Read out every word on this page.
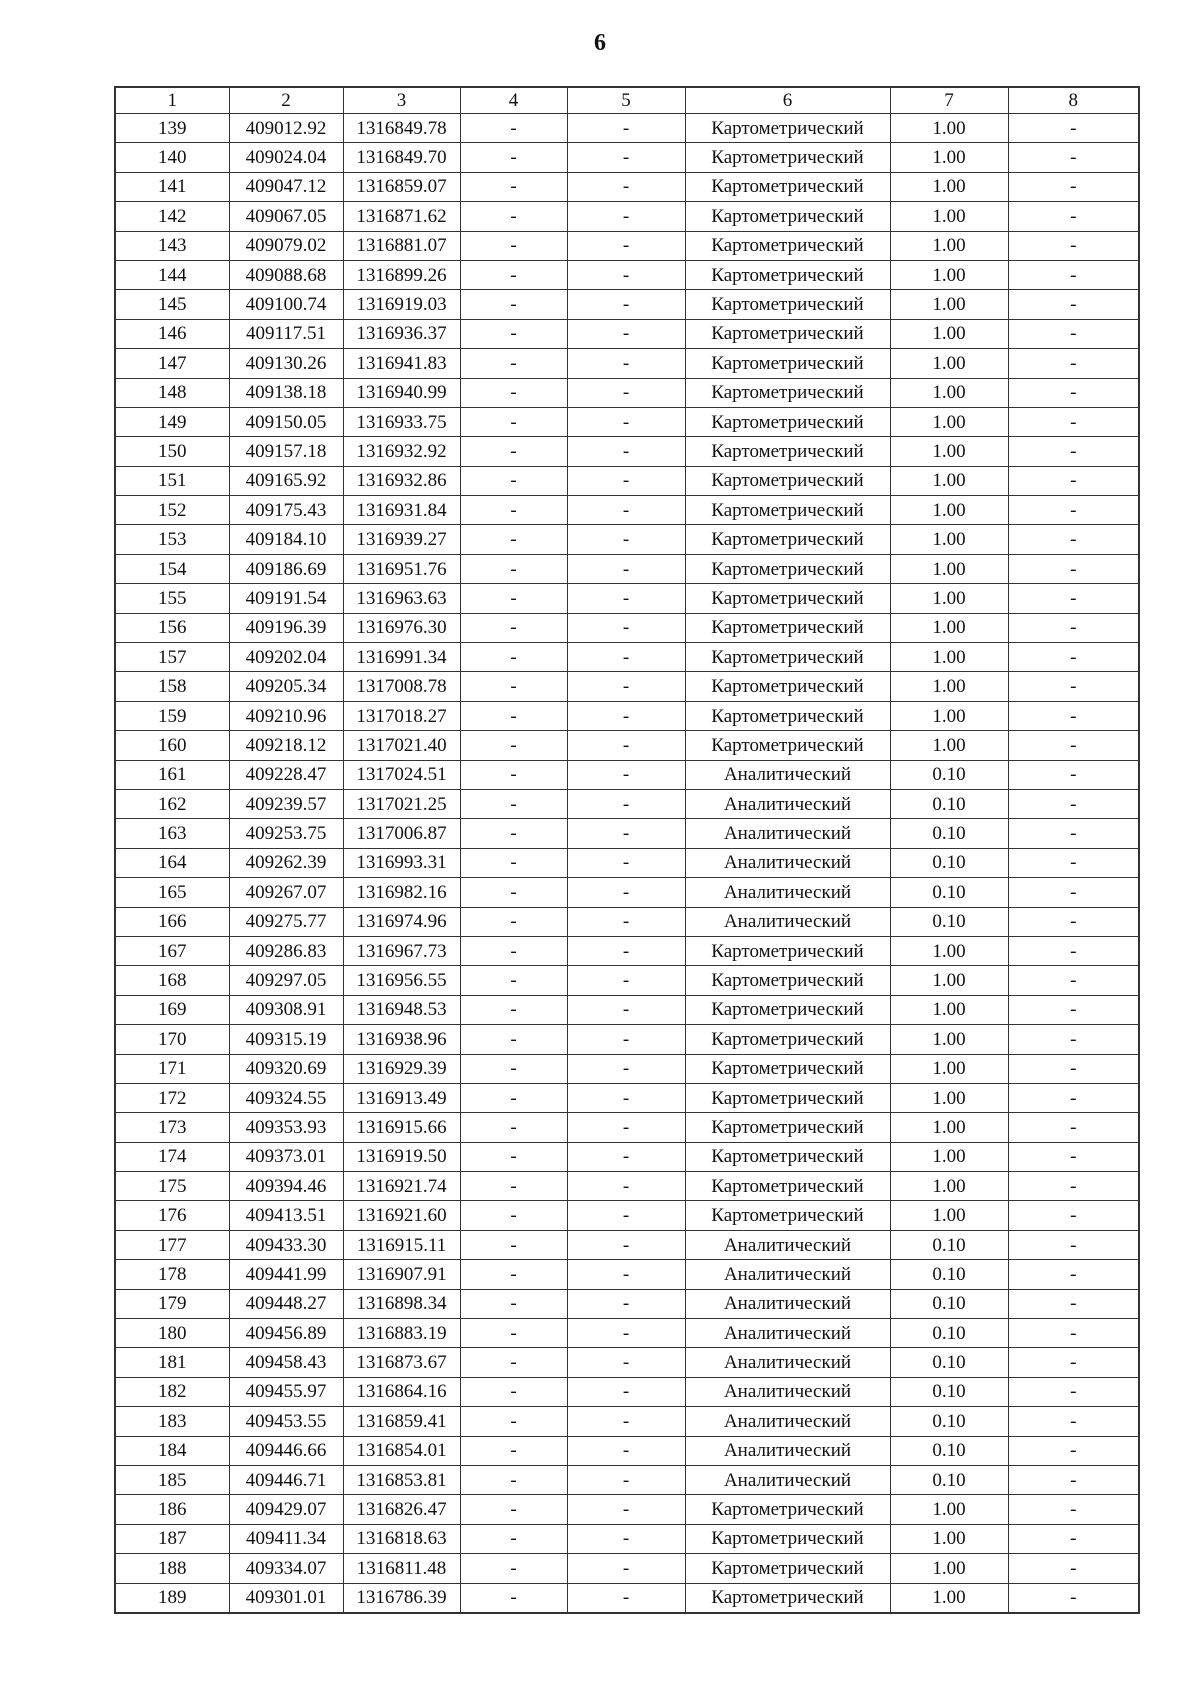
6
1	2	3	4	5	6	7	8
139	409012.92	1316849.78	-	-	Картометрический	1.00	-
140	409024.04	1316849.70	-	-	Картометрический	1.00	-
141	409047.12	1316859.07	-	-	Картометрический	1.00	-
142	409067.05	1316871.62	-	-	Картометрический	1.00	-
143	409079.02	1316881.07	-	-	Картометрический	1.00	-
144	409088.68	1316899.26	-	-	Картометрический	1.00	-
145	409100.74	1316919.03	-	-	Картометрический	1.00	-
146	409117.51	1316936.37	-	-	Картометрический	1.00	-
147	409130.26	1316941.83	-	-	Картометрический	1.00	-
148	409138.18	1316940.99	-	-	Картометрический	1.00	-
149	409150.05	1316933.75	-	-	Картометрический	1.00	-
150	409157.18	1316932.92	-	-	Картометрический	1.00	-
151	409165.92	1316932.86	-	-	Картометрический	1.00	-
152	409175.43	1316931.84	-	-	Картометрический	1.00	-
153	409184.10	1316939.27	-	-	Картометрический	1.00	-
154	409186.69	1316951.76	-	-	Картометрический	1.00	-
155	409191.54	1316963.63	-	-	Картометрический	1.00	-
156	409196.39	1316976.30	-	-	Картометрический	1.00	-
157	409202.04	1316991.34	-	-	Картометрический	1.00	-
158	409205.34	1317008.78	-	-	Картометрический	1.00	-
159	409210.96	1317018.27	-	-	Картометрический	1.00	-
160	409218.12	1317021.40	-	-	Картометрический	1.00	-
161	409228.47	1317024.51	-	-	Аналитический	0.10	-
162	409239.57	1317021.25	-	-	Аналитический	0.10	-
163	409253.75	1317006.87	-	-	Аналитический	0.10	-
164	409262.39	1316993.31	-	-	Аналитический	0.10	-
165	409267.07	1316982.16	-	-	Аналитический	0.10	-
166	409275.77	1316974.96	-	-	Аналитический	0.10	-
167	409286.83	1316967.73	-	-	Картометрический	1.00	-
168	409297.05	1316956.55	-	-	Картометрический	1.00	-
169	409308.91	1316948.53	-	-	Картометрический	1.00	-
170	409315.19	1316938.96	-	-	Картометрический	1.00	-
171	409320.69	1316929.39	-	-	Картометрический	1.00	-
172	409324.55	1316913.49	-	-	Картометрический	1.00	-
173	409353.93	1316915.66	-	-	Картометрический	1.00	-
174	409373.01	1316919.50	-	-	Картометрический	1.00	-
175	409394.46	1316921.74	-	-	Картометрический	1.00	-
176	409413.51	1316921.60	-	-	Картометрический	1.00	-
177	409433.30	1316915.11	-	-	Аналитический	0.10	-
178	409441.99	1316907.91	-	-	Аналитический	0.10	-
179	409448.27	1316898.34	-	-	Аналитический	0.10	-
180	409456.89	1316883.19	-	-	Аналитический	0.10	-
181	409458.43	1316873.67	-	-	Аналитический	0.10	-
182	409455.97	1316864.16	-	-	Аналитический	0.10	-
183	409453.55	1316859.41	-	-	Аналитический	0.10	-
184	409446.66	1316854.01	-	-	Аналитический	0.10	-
185	409446.71	1316853.81	-	-	Аналитический	0.10	-
186	409429.07	1316826.47	-	-	Картометрический	1.00	-
187	409411.34	1316818.63	-	-	Картометрический	1.00	-
188	409334.07	1316811.48	-	-	Картометрический	1.00	-
189	409301.01	1316786.39	-	-	Картометрический	1.00	-
